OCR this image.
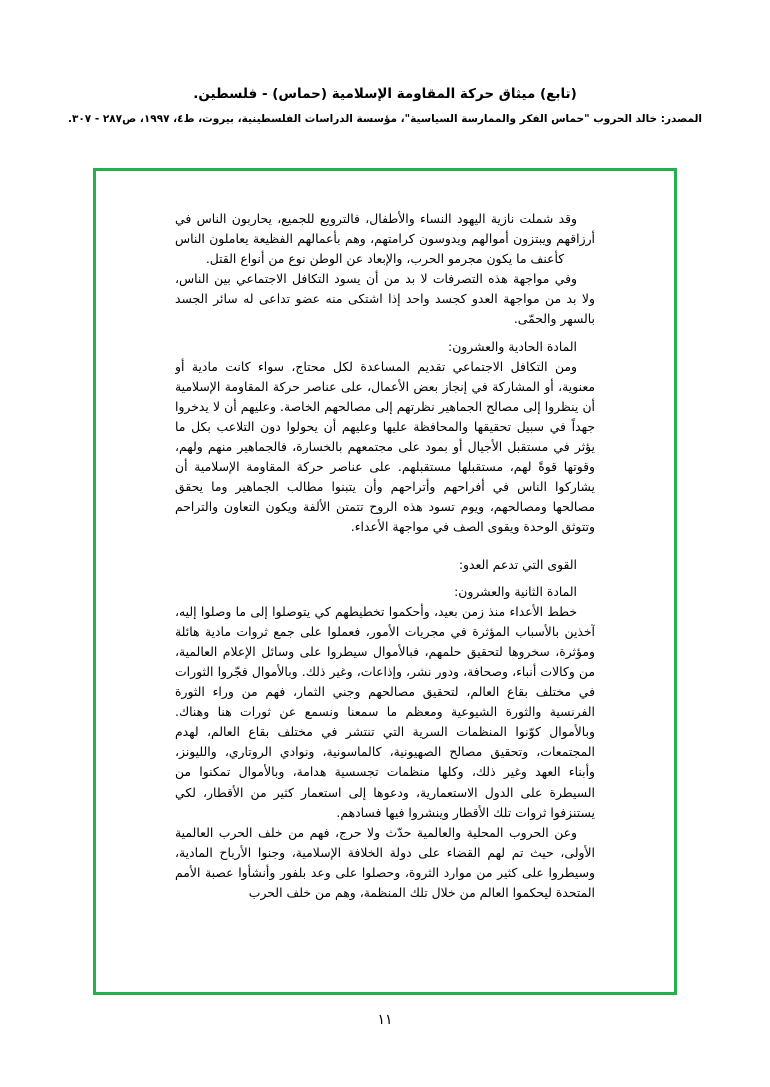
(تابع) ميثاق حركة المقاومة الإسلامية (حماس) - فلسطين.
المصدر: خالد الحروب "حماس الفكر والممارسة السياسية"، مؤسسة الدراسات الفلسطينية، بيروت، ط٤، ١٩٩٧، ص٢٨٧ - ٣٠٧.

وقد شملت نازية اليهود النساء والأطفال، فالترويع للجميع، يحاربون الناس في أرزاقهم ويبتزون أموالهم ويدوسون كرامتهم، وهم بأعمالهم الفظيعة يعاملون الناس كأعنف ما يكون مجرمو الحرب، والإبعاد عن الوطن نوع من أنواع القتل.

وفي مواجهة هذه التصرفات لا بد من أن يسود التكافل الاجتماعي بين الناس، ولا بد من مواجهة العدو كجسد واحد إذا اشتكى منه عضو تداعى له سائر الجسد بالسهر والحمّى.

المادة الحادية والعشرون:

ومن التكافل الاجتماعي تقديم المساعدة لكل محتاج، سواء كانت مادية أو معنوية، أو المشاركة في إنجاز بعض الأعمال، على عناصر حركة المقاومة الإسلامية أن ينظروا إلى مصالح الجماهير نظرتهم إلى مصالحهم الخاصة. وعليهم أن لا يدخروا جهداً في سبيل تحقيقها والمحافظة عليها وعليهم أن يحولوا دون التلاعب بكل ما يؤثر في مستقبل الأجيال أو بمود على مجتمعهم بالخسارة، فالجماهير منهم ولهم، وقوتها قوةً لهم، مستقبلها مستقبلهم. على عناصر حركة المقاومة الإسلامية أن يشاركوا الناس في أفراحهم وأتراحهم وأن يتبنوا مطالب الجماهير وما يحقق مصالحها ومصالحهم، ويوم تسود هذه الروح تتمتن الألفة ويكون التعاون والتراحم وتتوثق الوحدة ويقوى الصف في مواجهة الأعداء.

القوى التي تدعم العدو:

المادة الثانية والعشرون:

خطط الأعداء منذ زمن بعيد، وأحكموا تخطيطهم كي يتوصلوا إلى ما وصلوا إليه، آخذين بالأسباب المؤثرة في مجريات الأمور، فعملوا على جمع ثروات مادية هائلة ومؤثرة، سخروها لتحقيق حلمهم، فبالأموال سيطروا على وسائل الإعلام العالمية، من وكالات أنباء، وصحافة، ودور نشر، وإذاعات، وغير ذلك. وبالأموال فجّروا الثورات في مختلف بقاع العالم، لتحقيق مصالحهم وجني الثمار، فهم من وراء الثورة الفرنسية والثورة الشيوعية ومعظم ما سمعنا ونسمع عن ثورات هنا وهناك. وبالأموال كوّنوا المنظمات السرية التي تنتشر في مختلف بقاع العالم، لهدم المجتمعات، وتحقيق مصالح الصهيونية، كالماسونية، ونوادي الروتاري، والليونز، وأبناء العهد وغير ذلك، وكلها منظمات تجسسية هدامة، وبالأموال تمكنوا من السيطرة على الدول الاستعمارية، ودعوها إلى استعمار كثير من الأقطار، لكي يستنزفوا ثروات تلك الأقطار وينشروا فيها فسادهم.

وعن الحروب المحلية والعالمية حدّث ولا حرج، فهم من خلف الحرب العالمية الأولى، حيث تم لهم القضاء على دولة الخلافة الإسلامية، وجنوا الأرباح المادية، وسيطروا على كثير من موارد الثروة، وحصلوا على وعد بلفور وأنشأوا عصبة الأمم المتحدة ليحكموا العالم من خلال تلك المنظمة، وهم من خلف الحرب

١١
